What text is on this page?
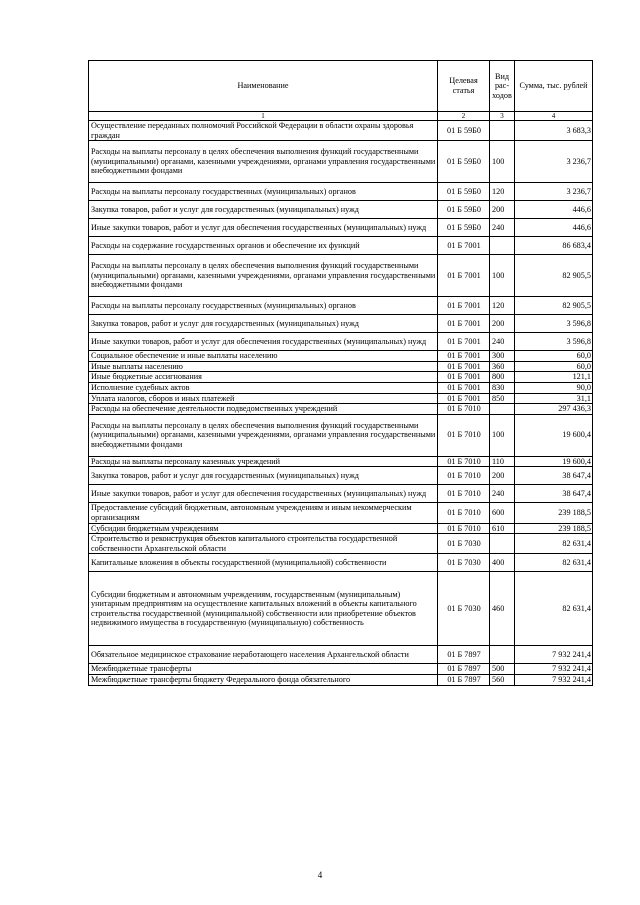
Наименование	Целевая статья	Вид рас-ходов	Сумма, тыс. рублей
1	2	3	4
Осуществление переданных полномочий Российской Федерации в области охраны здоровья граждан	01 Б 59Б0		3 683,3
Расходы на выплаты персоналу в целях обеспечения выполнения функций государственными (муниципальными) органами, казенными учреждениями, органами управления государственными внебюджетными фондами	01 Б 59Б0	100	3 236,7
Расходы на выплаты персоналу государственных (муниципальных) органов	01 Б 59Б0	120	3 236,7
Закупка товаров, работ и услуг для государственных (муниципальных) нужд	01 Б 59Б0	200	446,6
Иные закупки товаров, работ и услуг для обеспечения государственных (муниципальных) нужд	01 Б 59Б0	240	446,6
Расходы на содержание государственных органов и обеспечение их функций	01 Б 7001		86 683,4
Расходы на выплаты персоналу в целях обеспечения выполнения функций государственными (муниципальными) органами, казенными учреждениями, органами управления государственными внебюджетными фондами	01 Б 7001	100	82 905,5
Расходы на выплаты персоналу государственных (муниципальных) органов	01 Б 7001	120	82 905,5
Закупка товаров, работ и услуг для государственных (муниципальных) нужд	01 Б 7001	200	3 596,8
Иные закупки товаров, работ и услуг для обеспечения государственных (муниципальных) нужд	01 Б 7001	240	3 596,8
Социальное обеспечение и иные выплаты населению	01 Б 7001	300	60,0
Иные выплаты населению	01 Б 7001	360	60,0
Иные бюджетные ассигнования	01 Б 7001	800	121,1
Исполнение судебных актов	01 Б 7001	830	90,0
Уплата налогов, сборов и иных платежей	01 Б 7001	850	31,1
Расходы на обеспечение деятельности подведомственных учреждений	01 Б 7010		297 436,3
Расходы на выплаты персоналу в целях обеспечения выполнения функций государственными (муниципальными) органами, казенными учреждениями, органами управления государственными внебюджетными фондами	01 Б 7010	100	19 600,4
Расходы на выплаты персоналу казенных учреждений	01 Б 7010	110	19 600,4
Закупка товаров, работ и услуг для государственных (муниципальных) нужд	01 Б 7010	200	38 647,4
Иные закупки товаров, работ и услуг для обеспечения государственных (муниципальных) нужд	01 Б 7010	240	38 647,4
Предоставление субсидий бюджетным, автономным учреждениям и иным некоммерческим организациям	01 Б 7010	600	239 188,5
Субсидии бюджетным учреждениям	01 Б 7010	610	239 188,5
Строительство и реконструкция объектов капитального строительства государственной собственности Архангельской области	01 Б 7030		82 631,4
Капитальные вложения в объекты государственной (муниципальной) собственности	01 Б 7030	400	82 631,4
Субсидии бюджетным и автономным учреждениям, государственным (муниципальным) унитарным предприятиям на осуществление капитальных вложений в объекты капитального строительства государственной (муниципальной) собственности или приобретение объектов недвижимого имущества в государственную (муниципальную) собственность	01 Б 7030	460	82 631,4
Обязательное медицинское страхование неработающего населения Архангельской области	01 Б 7897		7 932 241,4
Межбюджетные трансферты	01 Б 7897	500	7 932 241,4
Межбюджетные трансферты бюджету Федерального фонда обязательного	01 Б 7897	560	7 932 241,4
4
